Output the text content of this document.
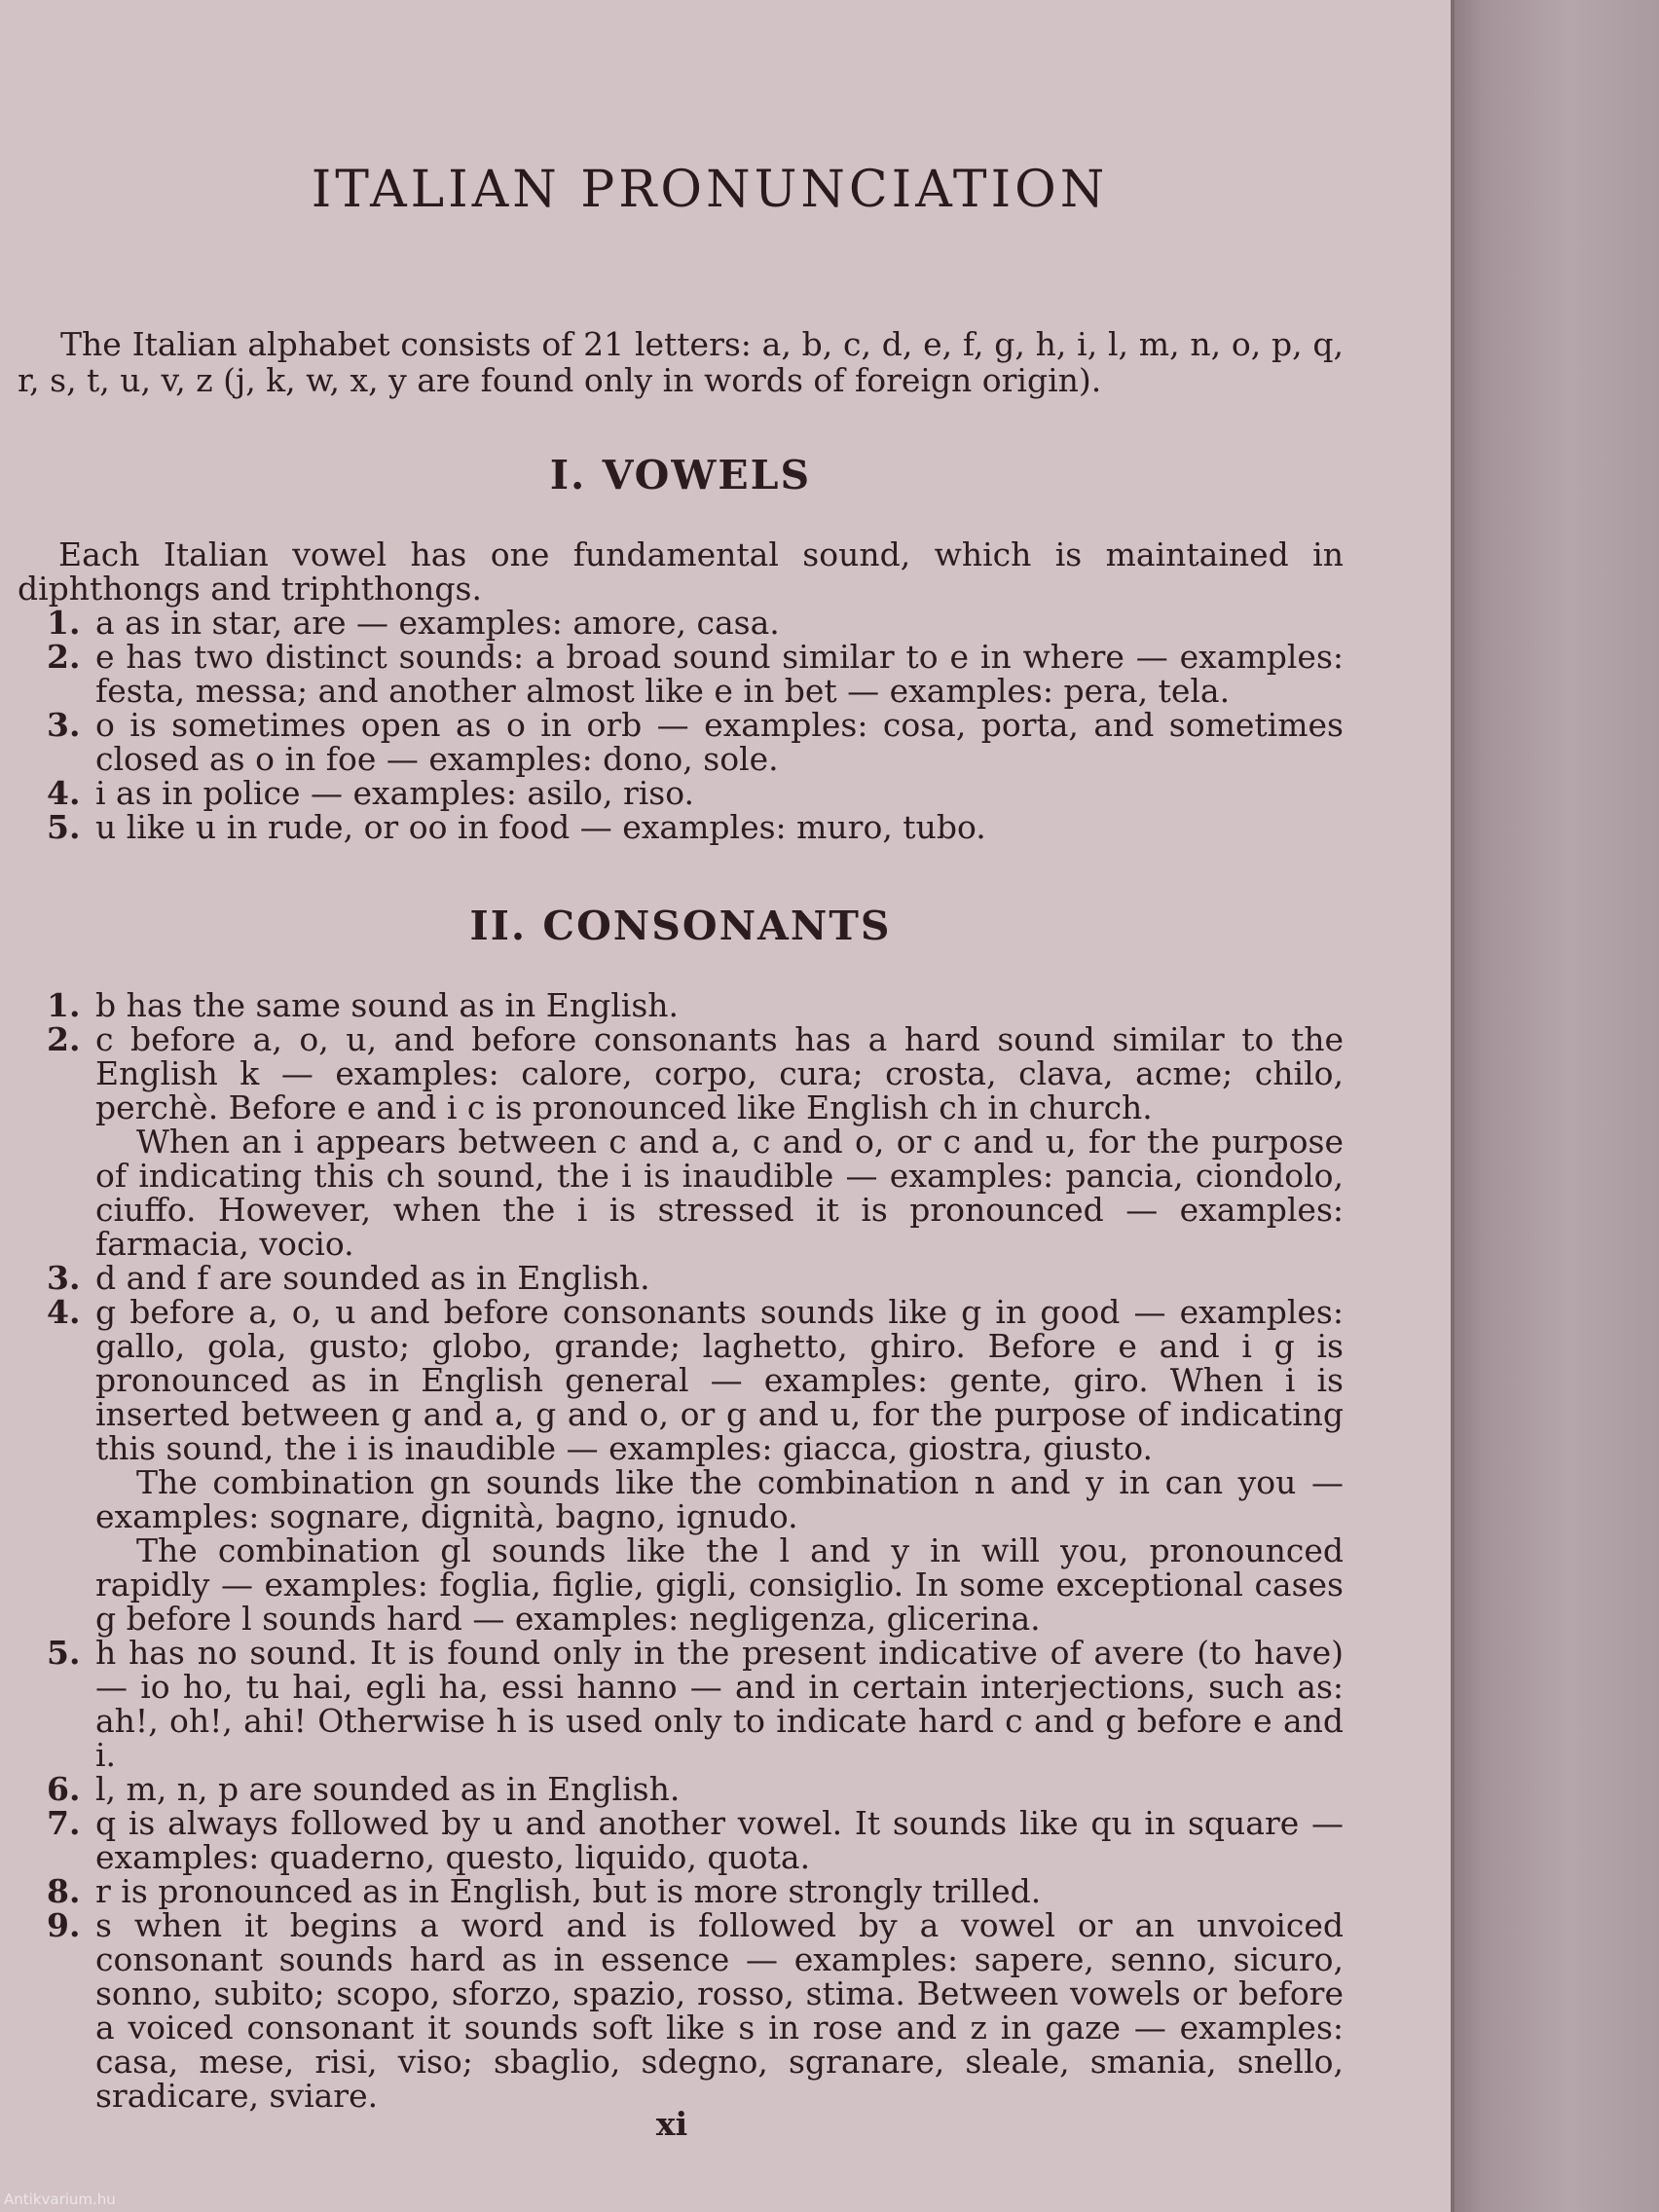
ITALIAN PRONUNCIATION

The Italian alphabet consists of 21 letters: a, b, c, d, e, f, g, h, i, l, m, n, o, p, q, r, s, t, u, v, z (j, k, w, x, y are found only in words of foreign origin).

I. VOWELS

Each Italian vowel has one fundamental sound, which is maintained in diphthongs and triphthongs.

1. a as in star, are — examples: amore, casa.
2. e has two distinct sounds: a broad sound similar to e in where — examples: festa, messa; and another almost like e in bet — examples: pera, tela.
3. o is sometimes open as o in orb — examples: cosa, porta, and sometimes closed as o in foe — examples: dono, sole.
4. i as in police — examples: asilo, riso.
5. u like u in rude, or oo in food — examples: muro, tubo.
II. CONSONANTS
1. b has the same sound as in English.
2. c before a, o, u, and before consonants has a hard sound similar to the English k — examples: calore, corpo, cura; crosta, clava, acme; chilo, perchè. Before e and i c is pronounced like English ch in church.
When an i appears between c and a, c and o, or c and u, for the purpose of indicating this ch sound, the i is inaudible — examples: pancia, ciondolo, ciuffo. However, when the i is stressed it is pronounced — examples: farmacia, vocio.
3. d and f are sounded as in English.
4. g before a, o, u and before consonants sounds like g in good — examples: gallo, gola, gusto; globo, grande; laghetto, ghiro. Before e and i g is pronounced as in English general — examples: gente, giro. When i is inserted between g and a, g and o, or g and u, for the purpose of indicating this sound, the i is inaudible — examples: giacca, giostra, giusto.
The combination gn sounds like the combination n and y in can you — examples: sognare, dignità, bagno, ignudo.
The combination gl sounds like the l and y in will you, pronounced rapidly — examples: foglia, figlie, gigli, consiglio. In some exceptional cases g before l sounds hard — examples: negligenza, glicerina.
5. h has no sound. It is found only in the present indicative of avere (to have) — io ho, tu hai, egli ha, essi hanno — and in certain interjections, such as: ah!, oh!, ahi! Otherwise h is used only to indicate hard c and g before e and i.
6. l, m, n, p are sounded as in English.
7. q is always followed by u and another vowel. It sounds like qu in square — examples: quaderno, questo, liquido, quota.
8. r is pronounced as in English, but is more strongly trilled.
9. s when it begins a word and is followed by a vowel or an unvoiced consonant sounds hard as in essence — examples: sapere, senno, sicuro, sonno, subito; scopo, sforzo, spazio, rosso, stima. Between vowels or before a voiced consonant it sounds soft like s in rose and z in gaze — examples: casa, mese, risi, viso; sbaglio, sdegno, sgranare, sleale, smania, snello, sradicare, sviare.
xi
Antikvarium.hu
